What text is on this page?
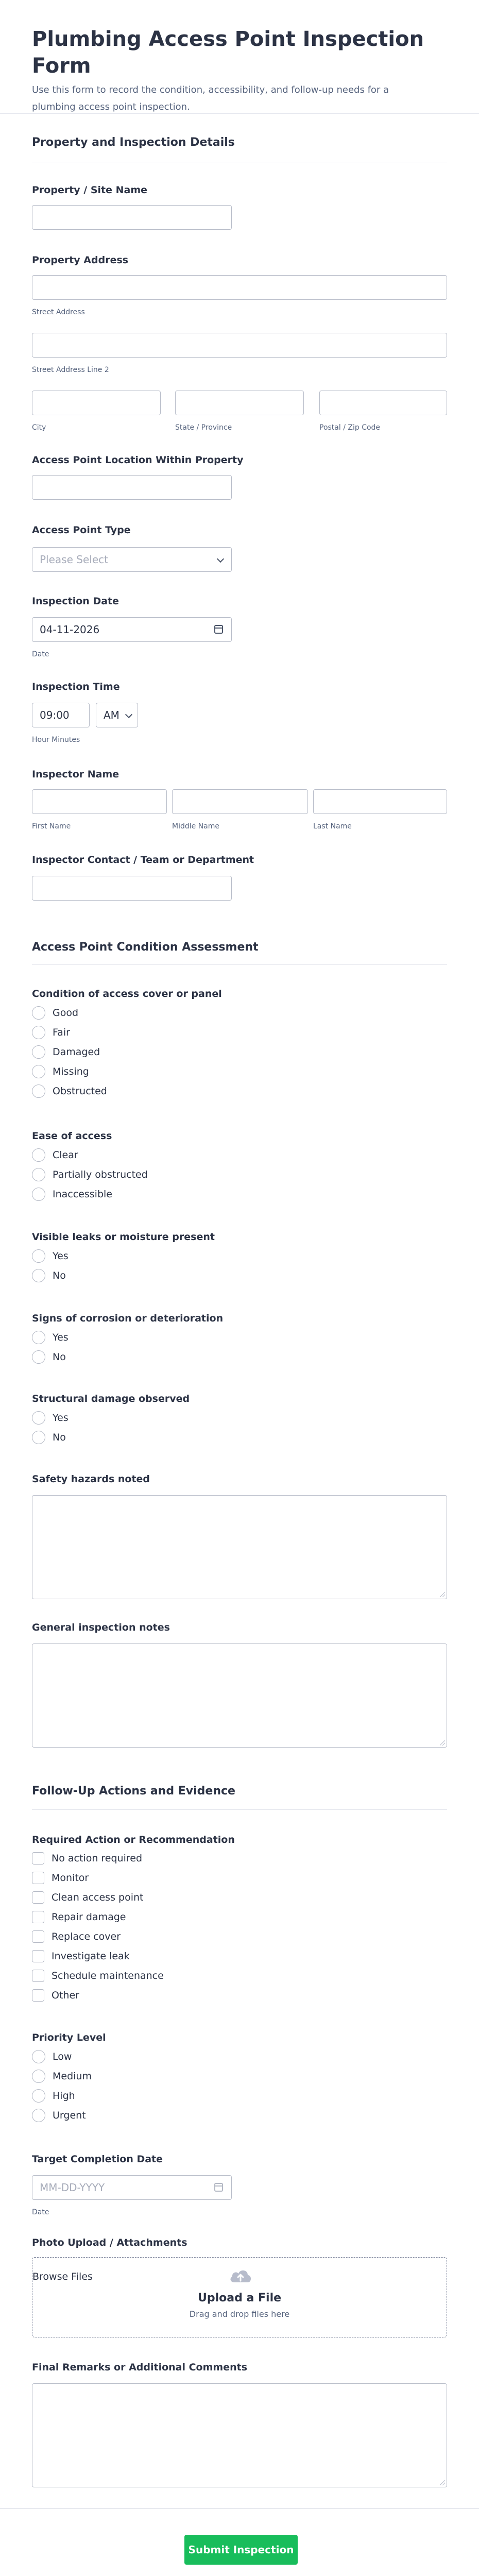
Plumbing Access Point Inspection Form
Use this form to record the condition, accessibility, and follow-up needs for a plumbing access point inspection.
Property and Inspection Details
Property / Site Name
Property Address
Street Address
Street Address Line 2
City	State / Province	Postal / Zip Code
Access Point Location Within Property
Access Point Type
Please Select
Inspection Date
04-11-2026
Date
Inspection Time
09:00	AM
Hour Minutes
Inspector Name
First Name	Middle Name	Last Name
Inspector Contact / Team or Department
Access Point Condition Assessment
Condition of access cover or panel
Good
Fair
Damaged
Missing
Obstructed
Ease of access
Clear
Partially obstructed
Inaccessible
Visible leaks or moisture present
Yes
No
Signs of corrosion or deterioration
Yes
No
Structural damage observed
Yes
No
Safety hazards noted
General inspection notes
Follow-Up Actions and Evidence
Required Action or Recommendation
No action required
Monitor
Clean access point
Repair damage
Replace cover
Investigate leak
Schedule maintenance
Other
Priority Level
Low
Medium
High
Urgent
Target Completion Date
MM-DD-YYYY
Date
Photo Upload / Attachments
Browse Files
Upload a File
Drag and drop files here
Final Remarks or Additional Comments
Submit Inspection
